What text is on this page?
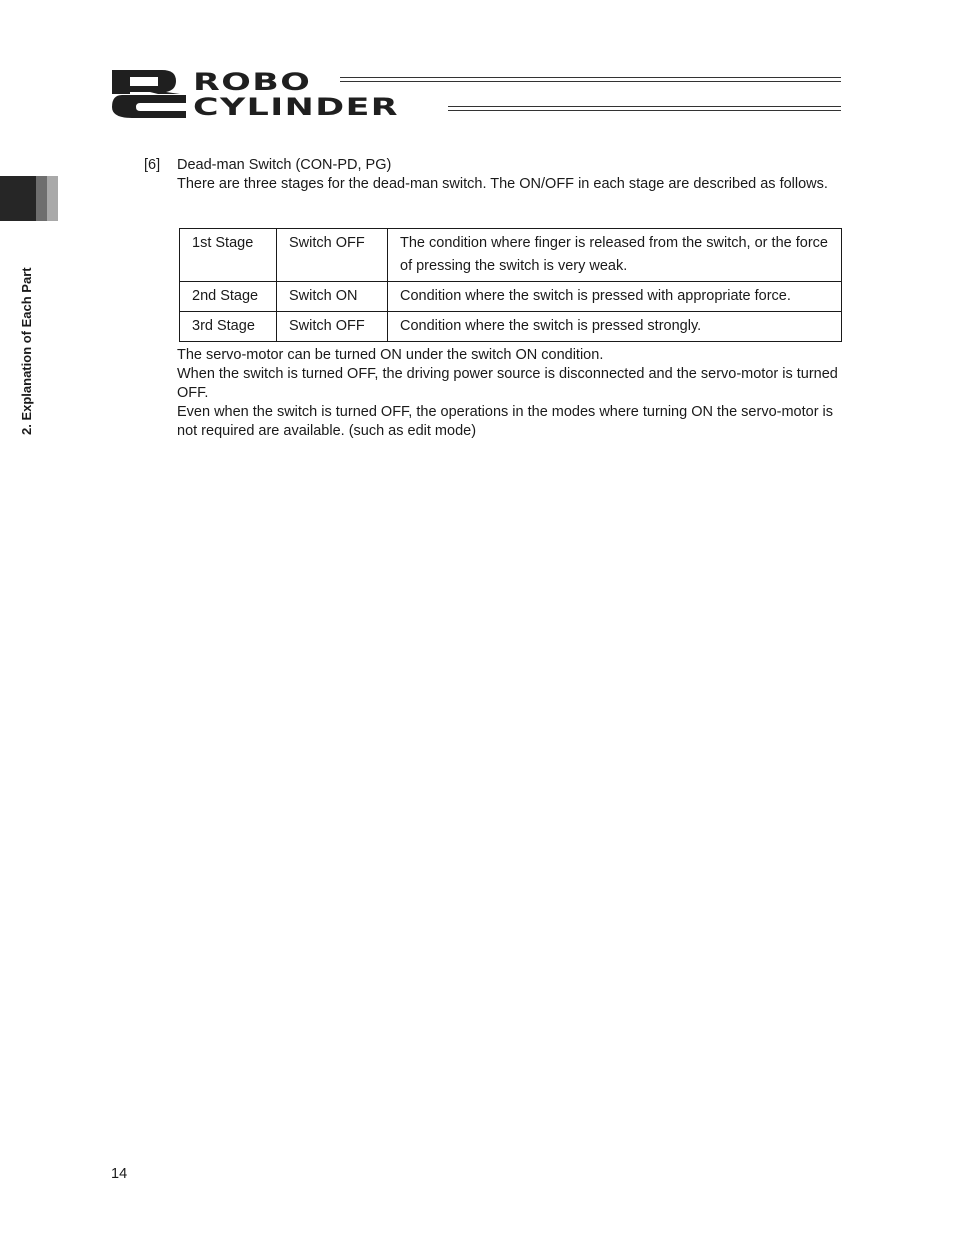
ROBO
CYLINDER
2. Explanation of Each Part
[6] Dead-man Switch (CON-PD, PG)
There are three stages for the dead-man switch. The ON/OFF in each stage are described as follows.
1st Stage	Switch OFF	The condition where finger is released from the switch, or the force of pressing the switch is very weak.
2nd Stage	Switch ON	Condition where the switch is pressed with appropriate force.
3rd Stage	Switch OFF	Condition where the switch is pressed strongly.

The servo-motor can be turned ON under the switch ON condition.

When the switch is turned OFF, the driving power source is disconnected and the servo-motor is turned OFF.

Even when the switch is turned OFF, the operations in the modes where turning ON the servo-motor is not required are available. (such as edit mode)

14
